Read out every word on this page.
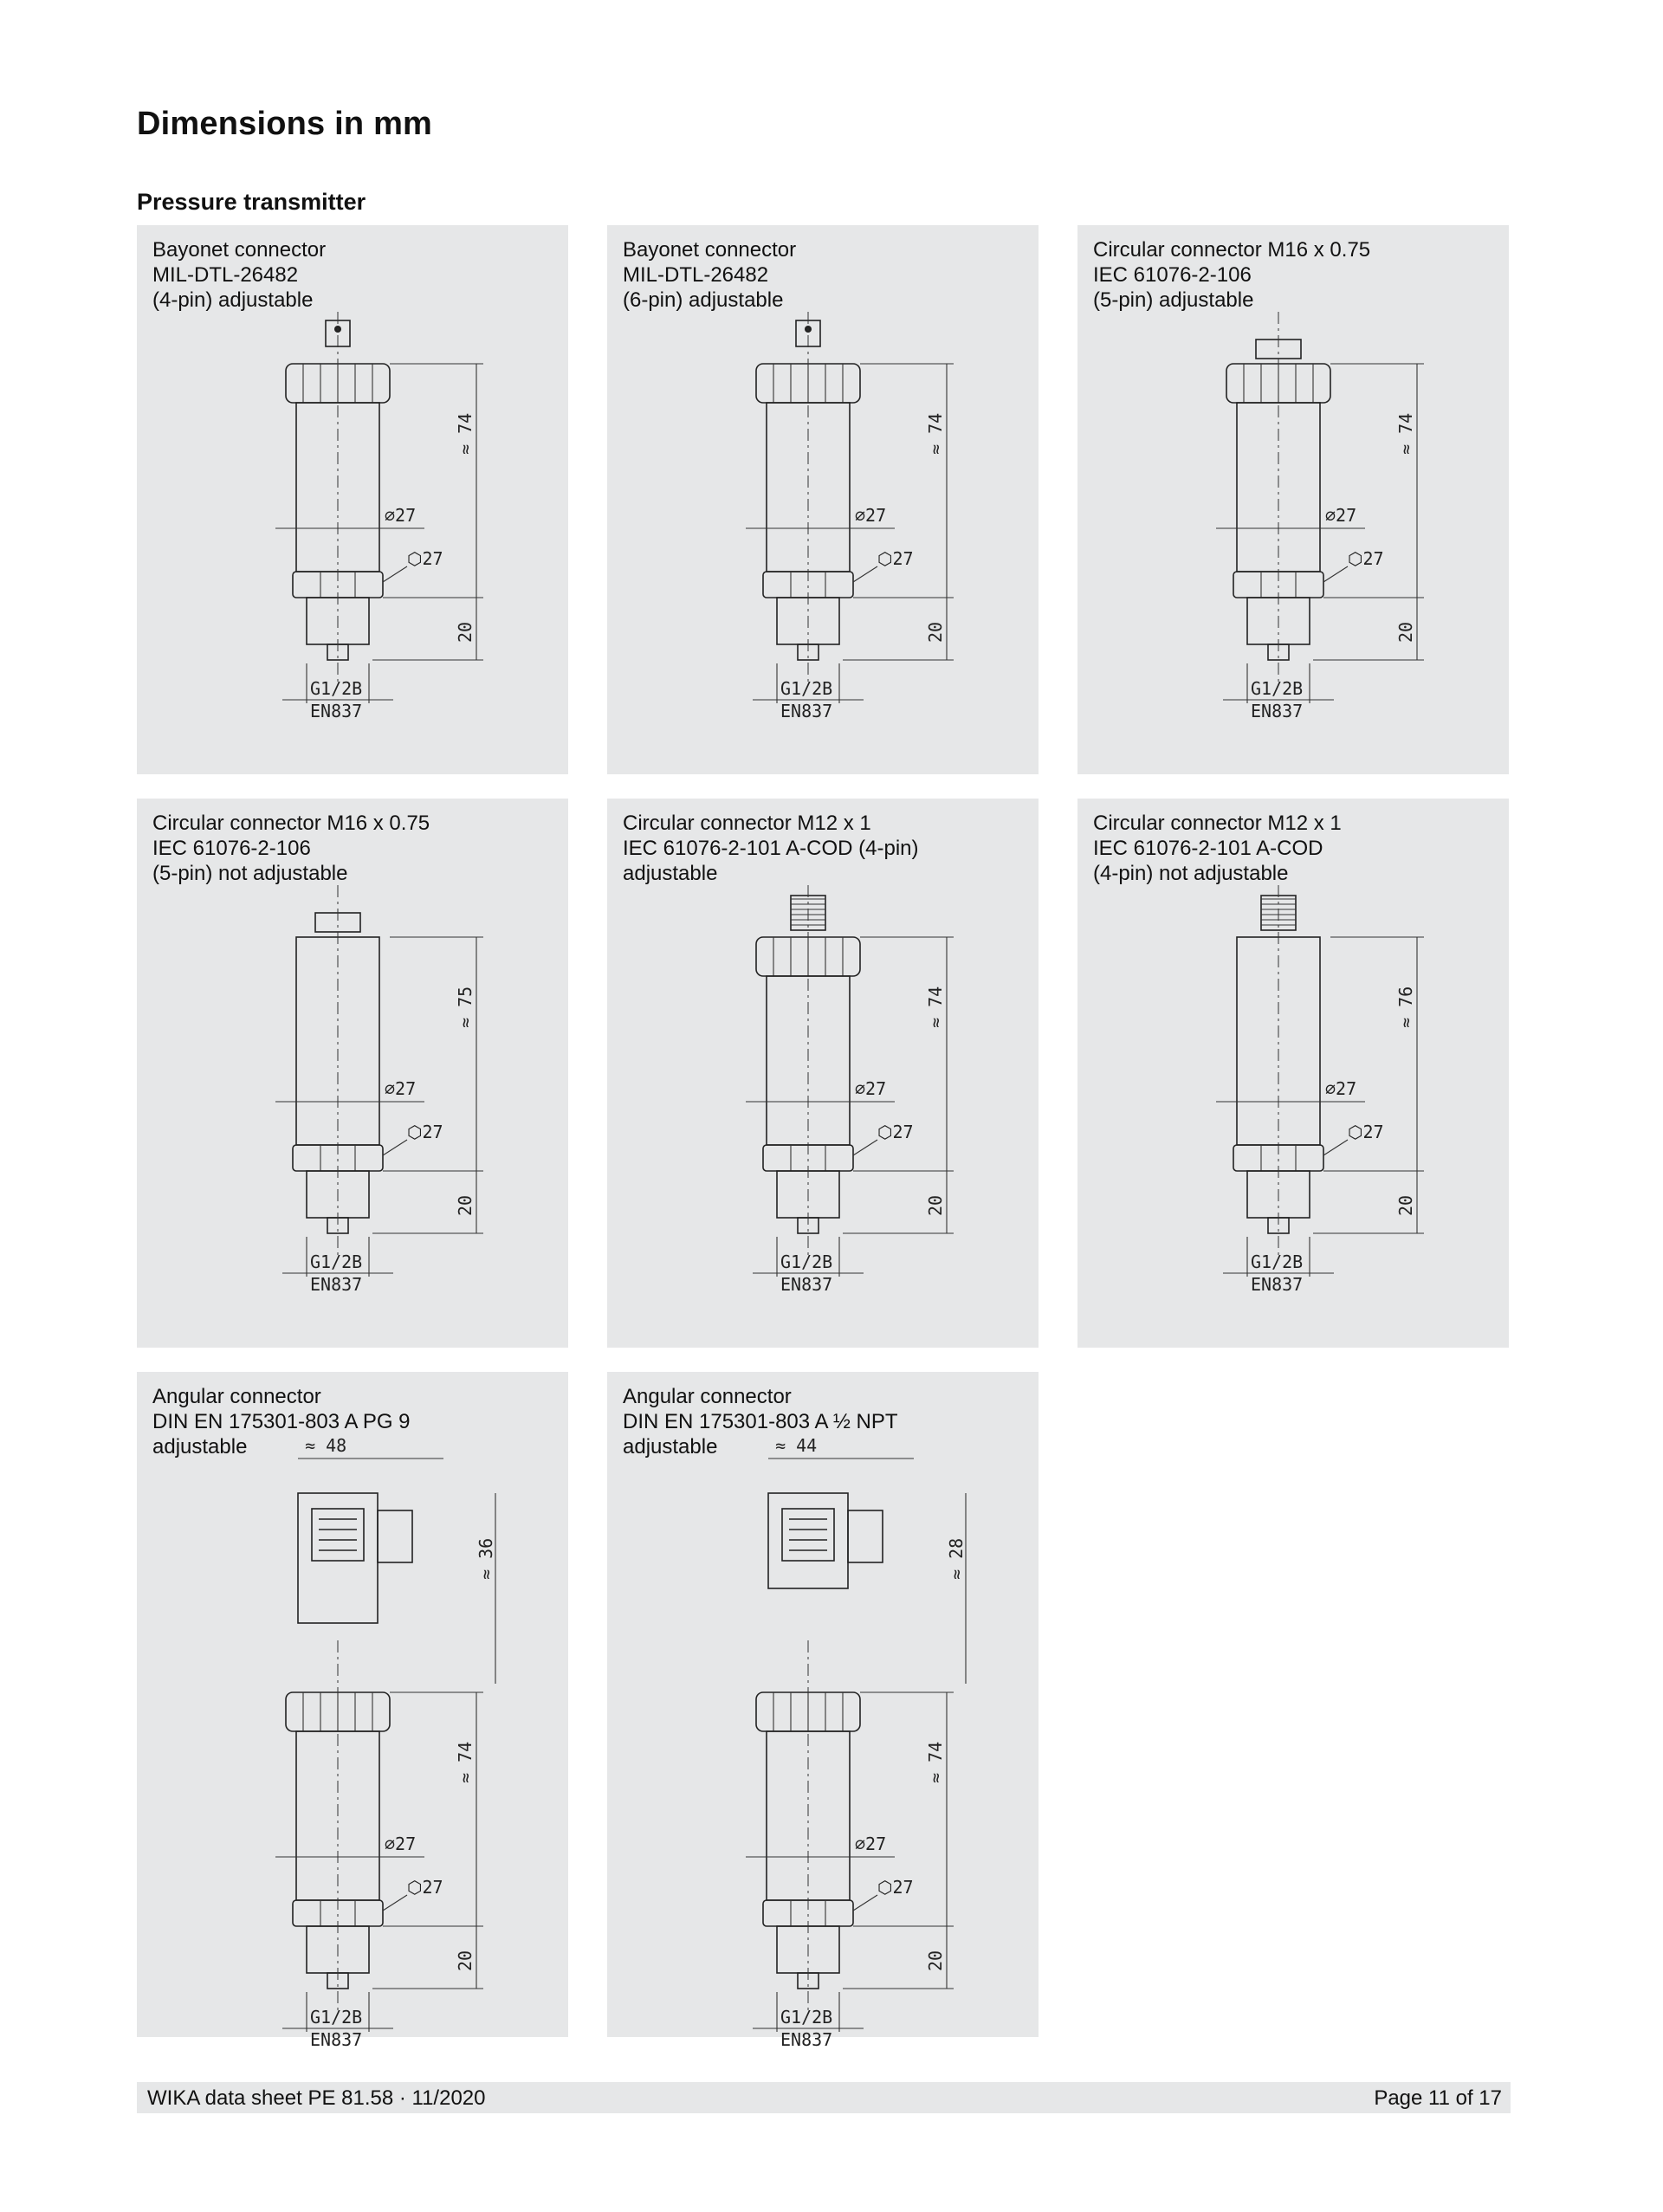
Dimensions in mm
Pressure transmitter
≈ 74
20
⌀27
⬡27
G1/2B
EN837
Bayonet connector
MIL-DTL-26482
(4-pin) adjustable
≈ 74
20
⌀27
⬡27
G1/2B
EN837
Bayonet connector
MIL-DTL-26482
(6-pin) adjustable
≈ 74
20
⌀27
⬡27
G1/2B
EN837
Circular connector M16 x 0.75
IEC 61076-2-106
(5-pin) adjustable
≈ 75
20
⌀27
⬡27
G1/2B
EN837
Circular connector M16 x 0.75
IEC 61076-2-106
(5-pin) not adjustable
≈ 74
20
⌀27
⬡27
G1/2B
EN837
Circular connector M12 x 1
IEC 61076-2-101 A-COD (4-pin)
adjustable
≈ 76
20
⌀27
⬡27
G1/2B
EN837
Circular connector M12 x 1
IEC 61076-2-101 A-COD
(4-pin) not adjustable
≈ 48
≈ 36
≈ 74
20
⌀27
⬡27
G1/2B
EN837
Angular connector
DIN EN 175301-803 A PG 9
adjustable	≈ 44
≈ 28
≈ 74
20
⌀27
⬡27
G1/2B
EN837
Angular connector
DIN EN 175301-803 A ½ NPT
adjustable
WIKA data sheet PE 81.58 · 11/2020	Page 11 of 17
